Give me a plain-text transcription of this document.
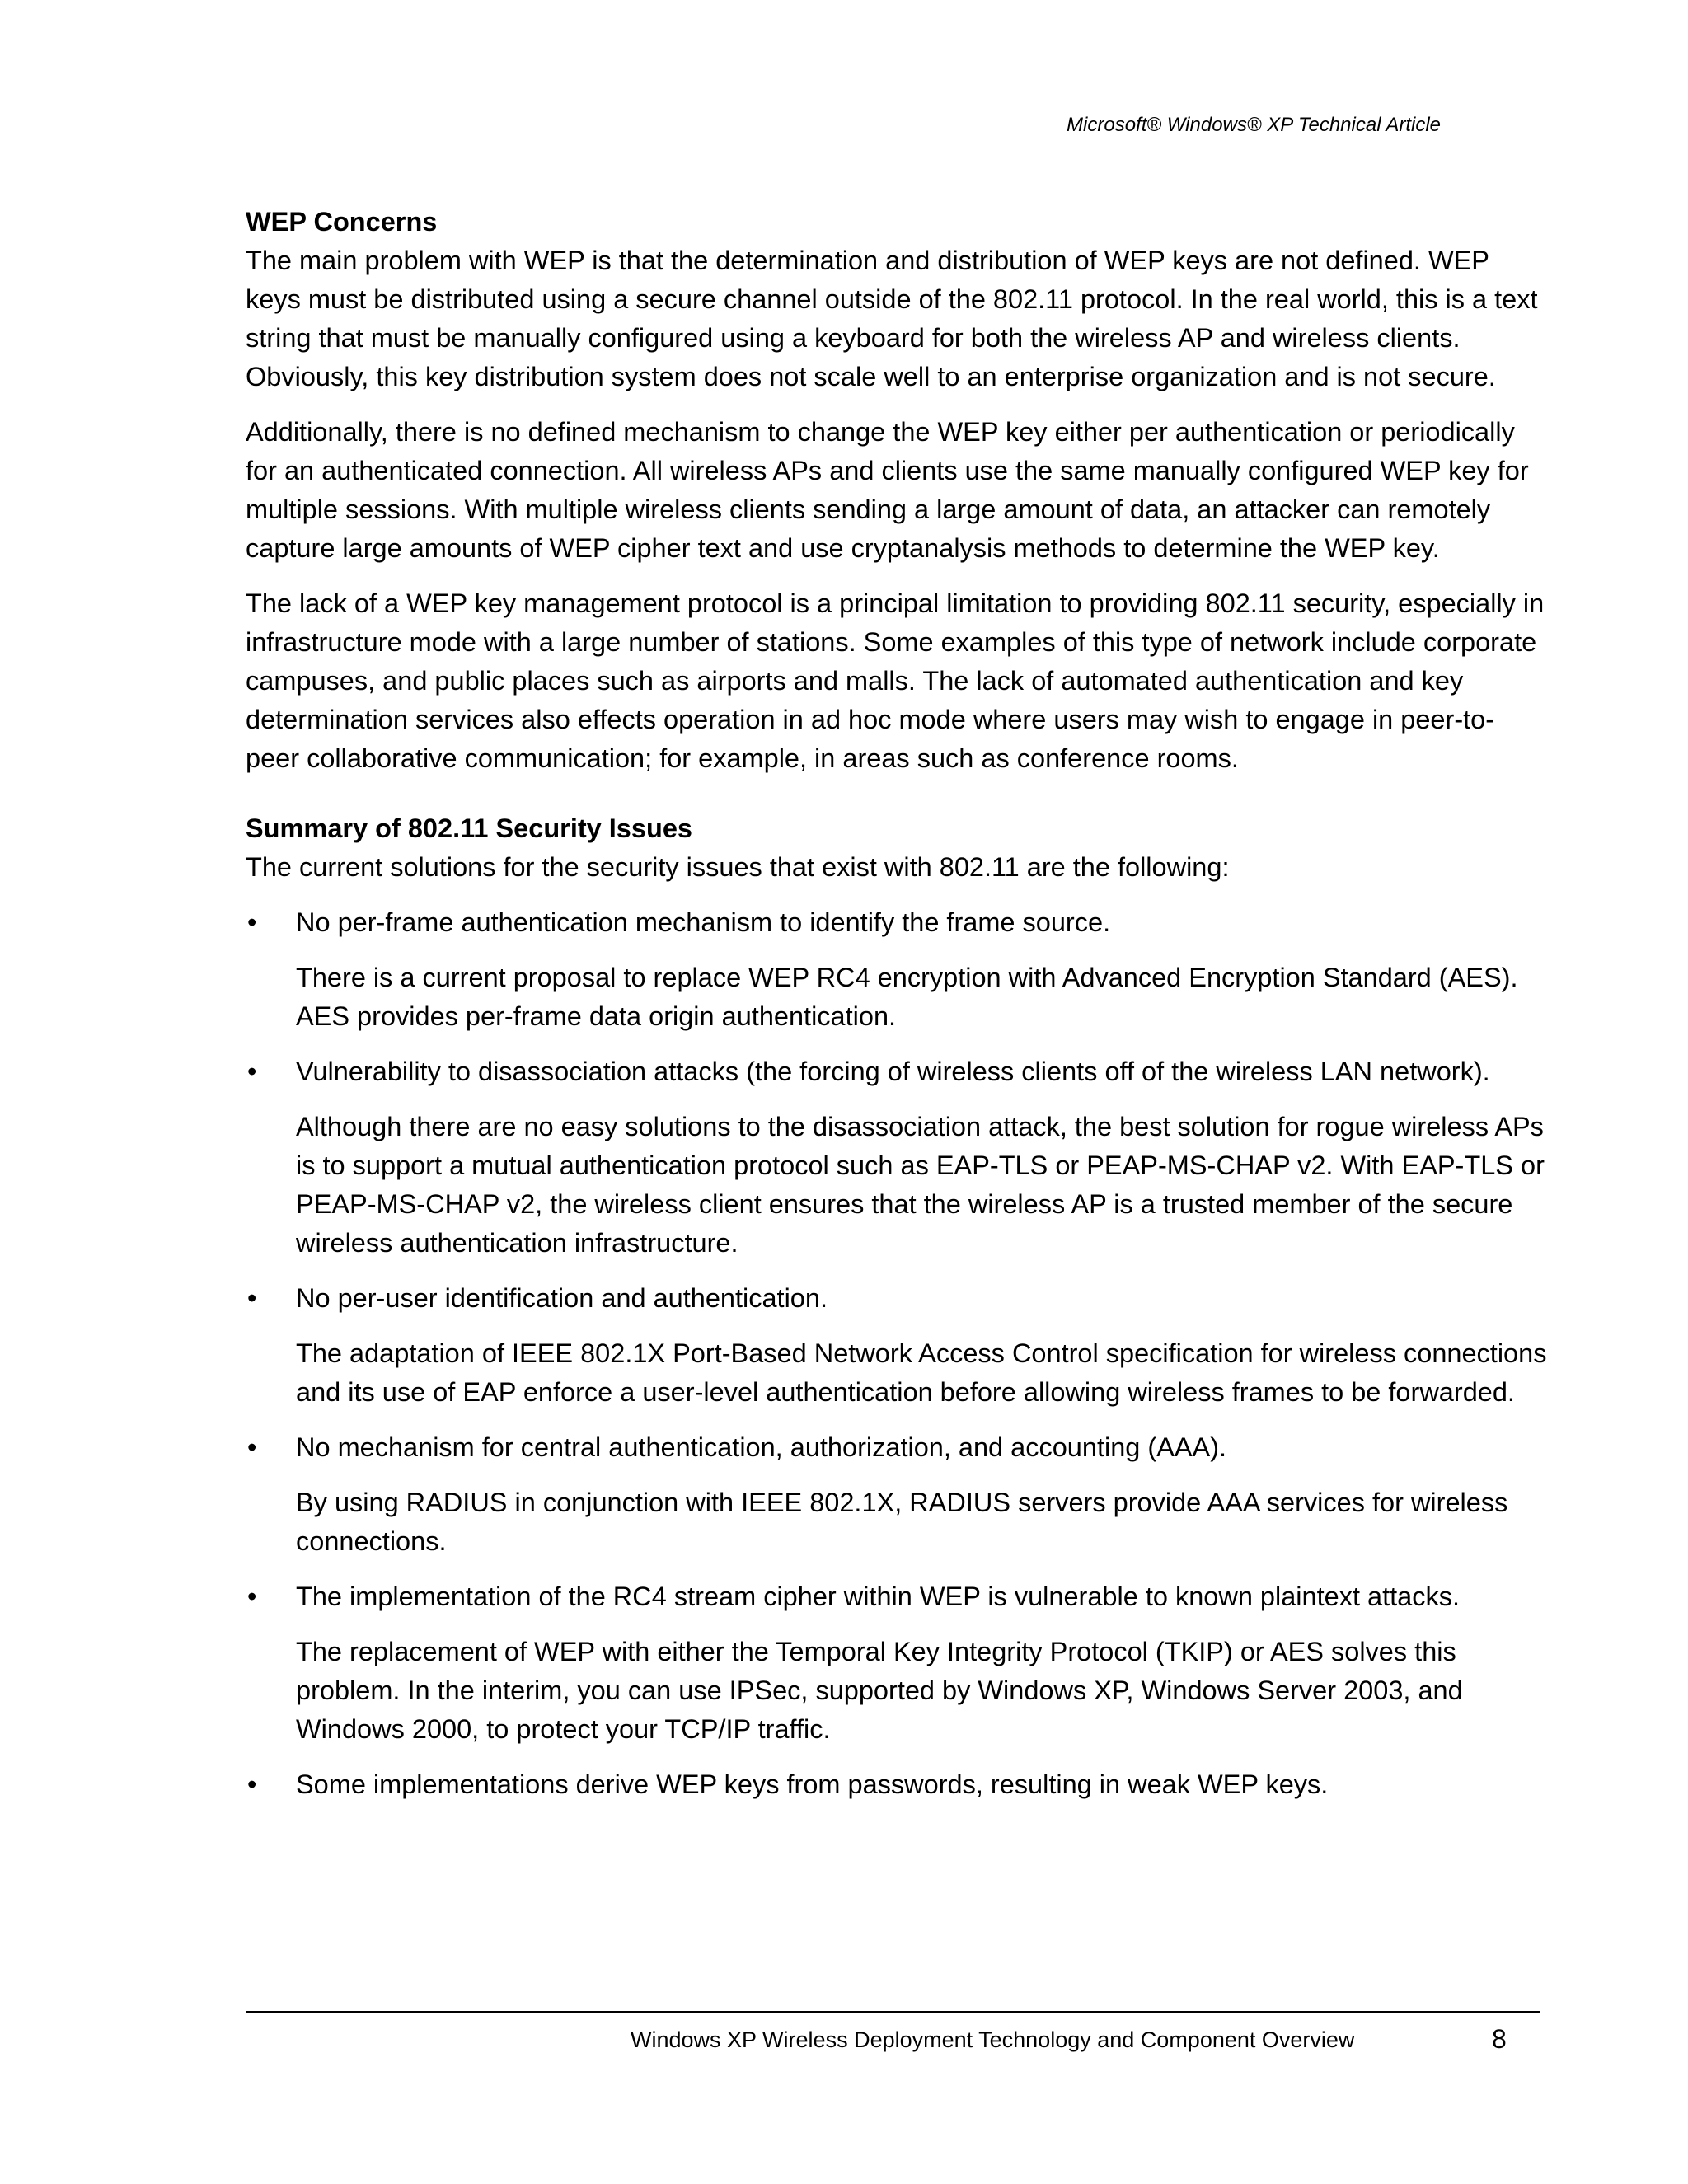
Microsoft® Windows® XP Technical Article

WEP Concerns

The main problem with WEP is that the determination and distribution of WEP keys are not defined. WEP keys must be distributed using a secure channel outside of the 802.11 protocol. In the real world, this is a text string that must be manually configured using a keyboard for both the wireless AP and wireless clients. Obviously, this key distribution system does not scale well to an enterprise organization and is not secure.

Additionally, there is no defined mechanism to change the WEP key either per authentication or periodically for an authenticated connection. All wireless APs and clients use the same manually configured WEP key for multiple sessions. With multiple wireless clients sending a large amount of data, an attacker can remotely capture large amounts of WEP cipher text and use cryptanalysis methods to determine the WEP key.

The lack of a WEP key management protocol is a principal limitation to providing 802.11 security, especially in infrastructure mode with a large number of stations. Some examples of this type of network include corporate campuses, and public places such as airports and malls. The lack of automated authentication and key determination services also effects operation in ad hoc mode where users may wish to engage in peer-to-peer collaborative communication; for example, in areas such as conference rooms.

Summary of 802.11 Security Issues

The current solutions for the security issues that exist with 802.11 are the following:

• No per-frame authentication mechanism to identify the frame source.

There is a current proposal to replace WEP RC4 encryption with Advanced Encryption Standard (AES). AES provides per-frame data origin authentication.

• Vulnerability to disassociation attacks (the forcing of wireless clients off of the wireless LAN network).

Although there are no easy solutions to the disassociation attack, the best solution for rogue wireless APs is to support a mutual authentication protocol such as EAP-TLS or PEAP-MS-CHAP v2. With EAP-TLS or PEAP-MS-CHAP v2, the wireless client ensures that the wireless AP is a trusted member of the secure wireless authentication infrastructure.

• No per-user identification and authentication.

The adaptation of IEEE 802.1X Port-Based Network Access Control specification for wireless connections and its use of EAP enforce a user-level authentication before allowing wireless frames to be forwarded.

• No mechanism for central authentication, authorization, and accounting (AAA).

By using RADIUS in conjunction with IEEE 802.1X, RADIUS servers provide AAA services for wireless connections.

• The implementation of the RC4 stream cipher within WEP is vulnerable to known plaintext attacks.

The replacement of WEP with either the Temporal Key Integrity Protocol (TKIP) or AES solves this problem. In the interim, you can use IPSec, supported by Windows XP, Windows Server 2003, and Windows 2000, to protect your TCP/IP traffic.

• Some implementations derive WEP keys from passwords, resulting in weak WEP keys.
Windows XP Wireless Deployment Technology and Component Overview	8
